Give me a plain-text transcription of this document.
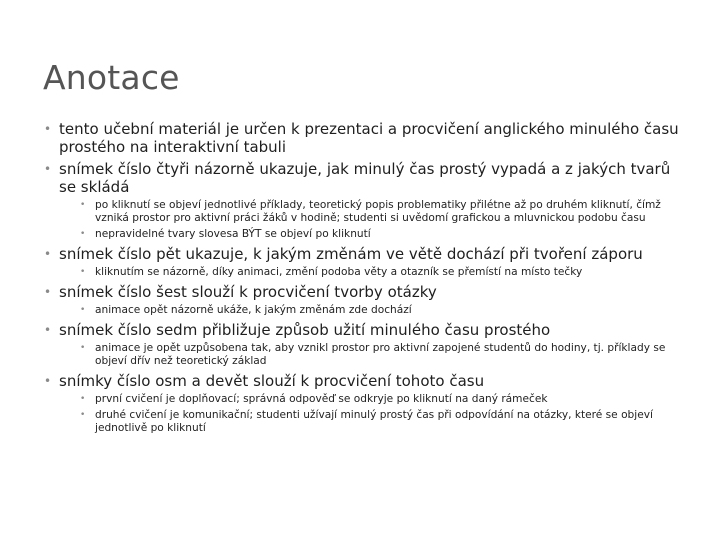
Anotace
• tento učební materiál je určen k prezentaci a procvičení anglického minulého času prostého na interaktivní tabuli
• snímek číslo čtyři názorně ukazuje, jak minulý čas prostý vypadá a z jakých tvarů se skládá
• po kliknutí se objeví jednotlivé příklady, teoretický popis problematiky přilétne až po druhém kliknutí, čímž vzniká prostor pro aktivní práci žáků v hodině; studenti si uvědomí grafickou a mluvnickou podobu času
• nepravidelné tvary slovesa BÝT se objeví po kliknutí
• snímek číslo pět ukazuje, k jakým změnám ve větě dochází při tvoření záporu
• kliknutím se názorně, díky animaci, změní podoba věty a otazník se přemístí na místo tečky
• snímek číslo šest slouží k procvičení tvorby otázky
• animace opět názorně ukáže, k jakým změnám zde dochází
• snímek číslo sedm přibližuje způsob užití minulého času prostého
• animace je opět uzpůsobena tak, aby vznikl prostor pro aktivní zapojené studentů do hodiny, tj. příklady se objeví dřív než teoretický základ
• snímky číslo osm a devět slouží k procvičení tohoto času
• první cvičení je doplňovací; správná odpověď se odkryje po kliknutí na daný rámeček
• druhé cvičení je komunikační; studenti užívají minulý prostý čas při odpovídání na otázky, které se objeví jednotlivě po kliknutí
